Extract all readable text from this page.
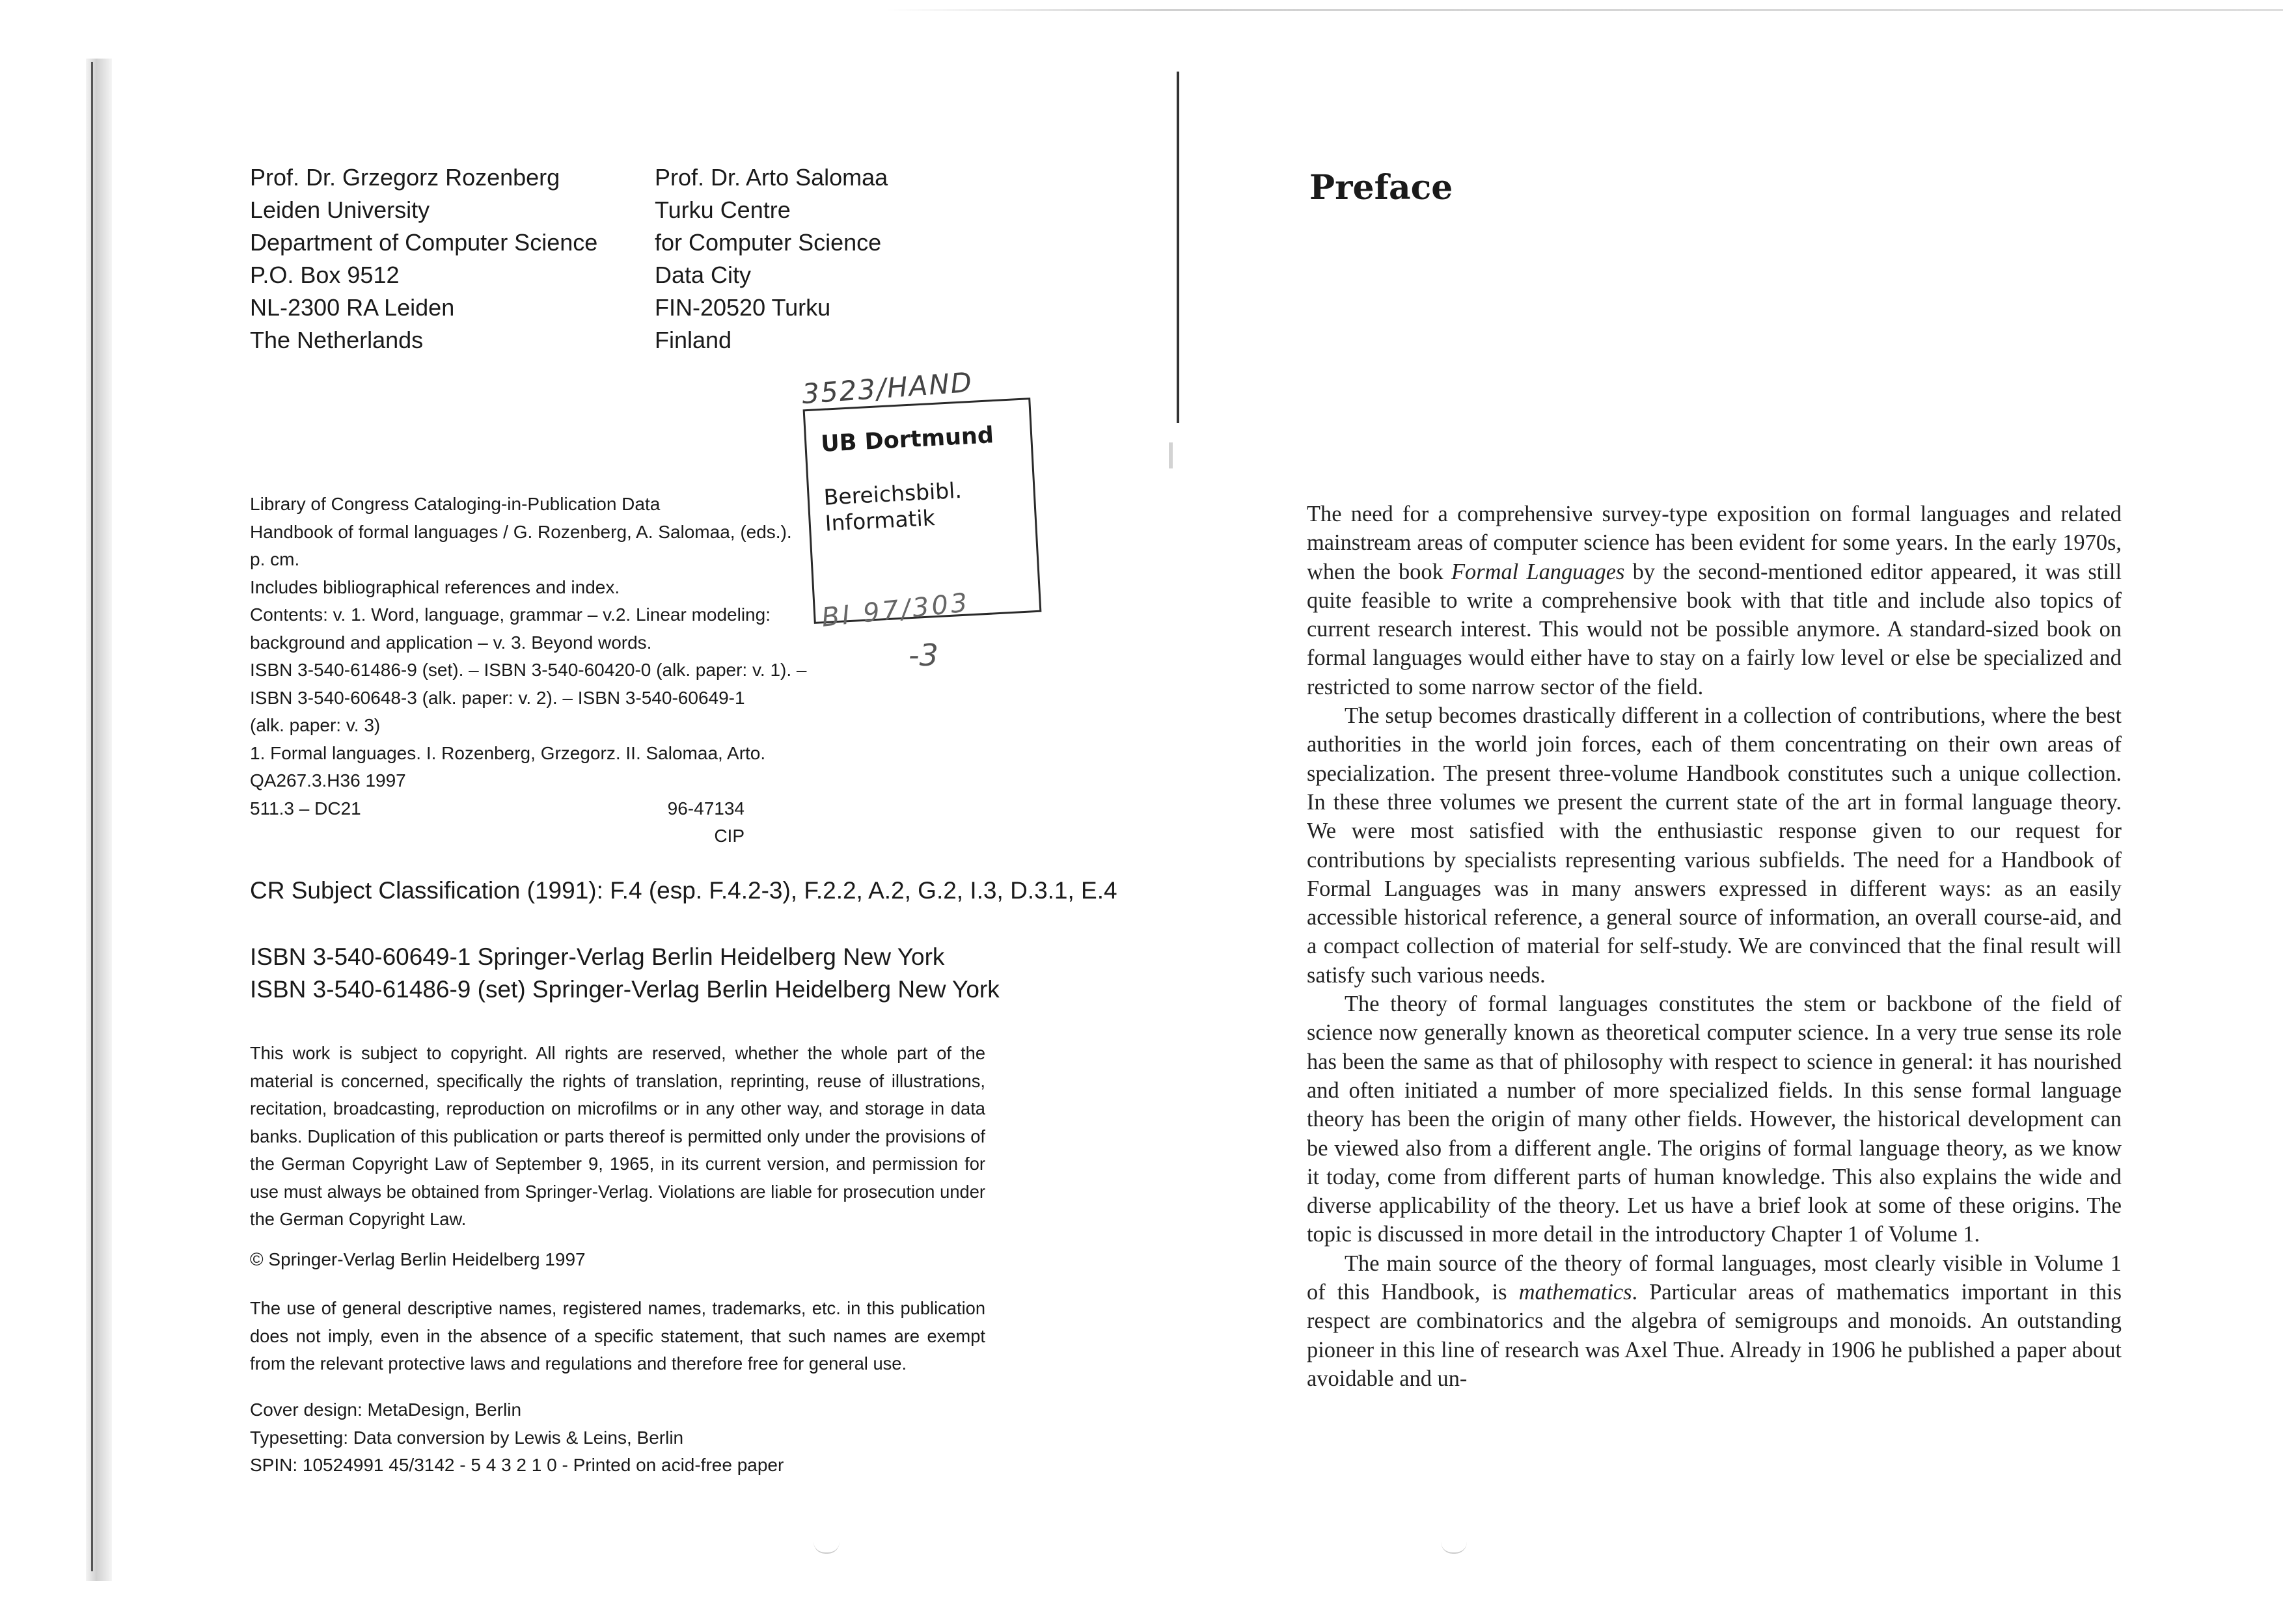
Prof. Dr. Grzegorz Rozenberg
Leiden University
Department of Computer Science
P.O. Box 9512
NL-2300 RA Leiden
The Netherlands
Prof. Dr. Arto Salomaa
Turku Centre
for Computer Science
Data City
FIN-20520 Turku
Finland
3523/HAND
UB Dortmund
Bereichsbibl.
Informatik
BI 97/303
-3
Library of Congress Cataloging-in-Publication Data
Handbook of formal languages / G. Rozenberg, A. Salomaa, (eds.).
p. cm.
Includes bibliographical references and index.
Contents: v. 1. Word, language, grammar – v.2. Linear modeling:
background and application – v. 3. Beyond words.
ISBN 3-540-61486-9 (set). – ISBN 3-540-60420-0 (alk. paper: v. 1). –
ISBN 3-540-60648-3 (alk. paper: v. 2). – ISBN 3-540-60649-1
(alk. paper: v. 3)
1. Formal languages. I. Rozenberg, Grzegorz. II. Salomaa, Arto.
QA267.3.H36 1997
511.3 – DC21	96-47134
CIP
CR Subject Classification (1991): F.4 (esp. F.4.2-3), F.2.2, A.2, G.2, I.3, D.3.1, E.4
ISBN 3-540-60649-1 Springer-Verlag Berlin Heidelberg New York
ISBN 3-540-61486-9 (set) Springer-Verlag Berlin Heidelberg New York
This work is subject to copyright. All rights are reserved, whether the whole part of the material is concerned, specifically the rights of translation, reprinting, reuse of illustrations, recitation, broadcasting, reproduction on microfilms or in any other way, and storage in data banks. Duplication of this publication or parts thereof is permitted only under the provisions of the German Copyright Law of September 9, 1965, in its current version, and permission for use must always be obtained from Springer-Verlag. Violations are liable for prosecution under the German Copyright Law.
© Springer-Verlag Berlin Heidelberg 1997
The use of general descriptive names, registered names, trademarks, etc. in this publication does not imply, even in the absence of a specific statement, that such names are exempt from the relevant protective laws and regulations and therefore free for general use.
Cover design: MetaDesign, Berlin
Typesetting: Data conversion by Lewis & Leins, Berlin
SPIN: 10524991 45/3142 - 5 4 3 2 1 0 - Printed on acid-free paper
Preface

The need for a comprehensive survey-type exposition on formal languages and related mainstream areas of computer science has been evident for some years. In the early 1970s, when the book Formal Languages by the second-mentioned editor appeared, it was still quite feasible to write a comprehensive book with that title and include also topics of current research interest. This would not be possible anymore. A standard-sized book on formal languages would either have to stay on a fairly low level or else be specialized and restricted to some narrow sector of the field.

The setup becomes drastically different in a collection of contributions, where the best authorities in the world join forces, each of them concentrating on their own areas of specialization. The present three-volume Handbook constitutes such a unique collection. In these three volumes we present the current state of the art in formal language theory. We were most satisfied with the enthusiastic response given to our request for contributions by specialists representing various subfields. The need for a Handbook of Formal Languages was in many answers expressed in different ways: as an easily accessible historical reference, a general source of information, an overall course-aid, and a compact collection of material for self-study. We are convinced that the final result will satisfy such various needs.

The theory of formal languages constitutes the stem or backbone of the field of science now generally known as theoretical computer science. In a very true sense its role has been the same as that of philosophy with respect to science in general: it has nourished and often initiated a number of more specialized fields. In this sense formal language theory has been the origin of many other fields. However, the historical development can be viewed also from a different angle. The origins of formal language theory, as we know it today, come from different parts of human knowledge. This also explains the wide and diverse applicability of the theory. Let us have a brief look at some of these origins. The topic is discussed in more detail in the introductory Chapter 1 of Volume 1.

The main source of the theory of formal languages, most clearly visible in Volume 1 of this Handbook, is mathematics. Particular areas of mathematics important in this respect are combinatorics and the algebra of semigroups and monoids. An outstanding pioneer in this line of research was Axel Thue. Already in 1906 he published a paper about avoidable and un-
